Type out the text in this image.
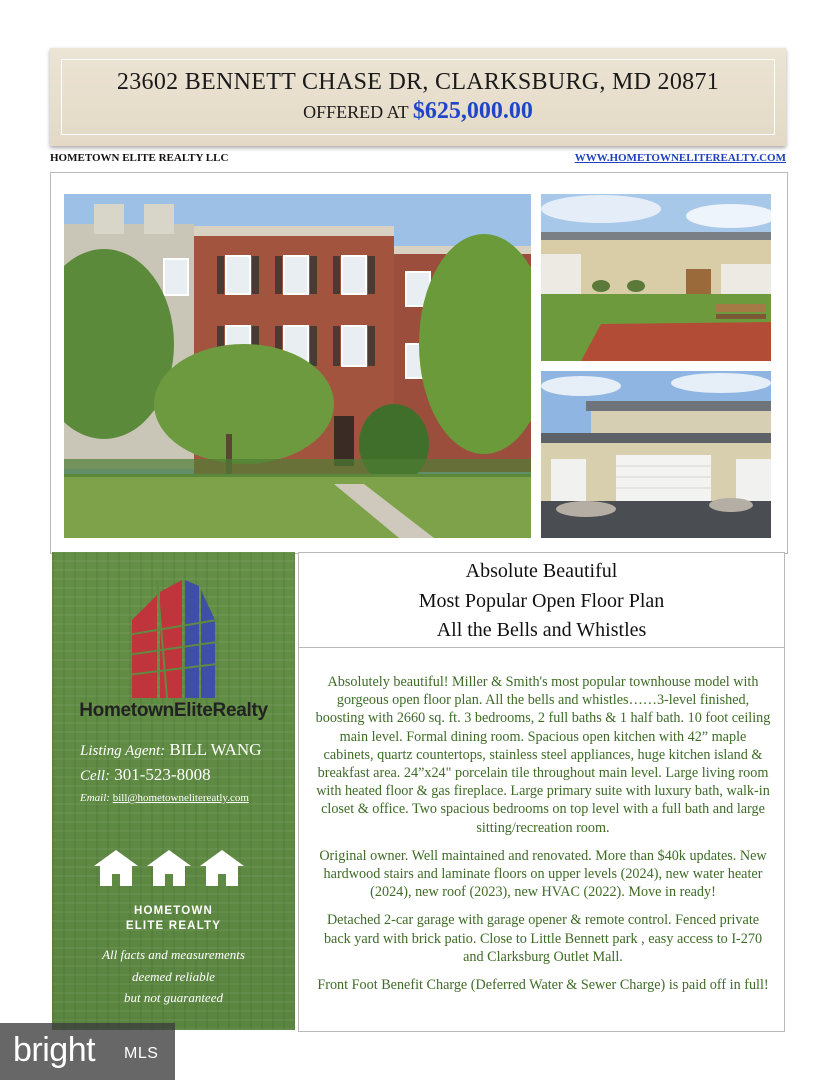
23602 BENNETT CHASE DR, CLARKSBURG, MD 20871
OFFERED AT $625,000.00
HOMETOWN ELITE REALTY LLC	WWW.HOMETOWNELITEREALTY.COM
HometownEliteRealty
Listing Agent: BILL WANG
Cell: 301-523-8008
Email: bill@hometownelitereatly.com
HOMETOWN
ELITE REALTY
All facts and measurements
deemed reliable
but not guaranteed
Absolute Beautiful
Most Popular Open Floor Plan
All the Bells and Whistles

Absolutely beautiful! Miller & Smith's most popular townhouse model with gorgeous open floor plan. All the bells and whistles……3-level finished, boosting with 2660 sq. ft. 3 bedrooms, 2 full baths & 1 half bath. 10 foot ceiling main level. Formal dining room. Spacious open kitchen with 42” maple cabinets, quartz countertops, stainless steel appliances, huge kitchen island & breakfast area. 24”x24" porcelain tile throughout main level. Large living room with heated floor & gas fireplace. Large primary suite with luxury bath, walk-in closet & office. Two spacious bedrooms on top level with a full bath and large sitting/recreation room.

Original owner. Well maintained and renovated. More than $40k updates. New hardwood stairs and laminate floors on upper levels (2024), new water heater (2024), new roof (2023), new HVAC (2022). Move in ready!

Detached 2-car garage with garage opener & remote control. Fenced private back yard with brick patio. Close to Little Bennett park , easy access to I-270 and Clarksburg Outlet Mall.

Front Foot Benefit Charge (Deferred Water & Sewer Charge) is paid off in full!

bright MLS
